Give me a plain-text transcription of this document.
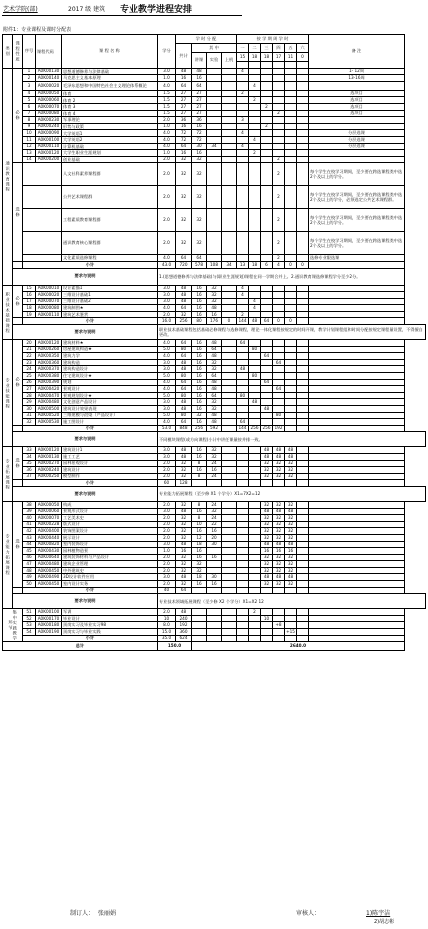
艺术学院(部)	2017 级 建筑 专业教学进程安排
附件1：专业课程及课时分配表
类别	课程性质	序号	课程代码	课 程 名 称	学分	学 时 分 配				按 学 期 周 学 时						备 注
						共计	其 中			一	二	三	四	五	六	
							讲课	实验	上机	15	18	18	17	11	0	

通识教育课程	必修	1	A0K00130	思想道德修养与法律基础	3.0	48	48			4						1- 12周
		2	A0K00140	马克思主义基本原理	1.0	16	16									13-16周
		3	A0K00020	毛泽东思想和中国特色社会主义理论体系概论	4.0	64	64				4					
		4	A0K00050	体育	1.5	27	27			2						选项目
		5	A0K00060	体育 2	1.5	27	27				2					选项目
		6	A0K00070	体育 3	1.5	27	27					2				选项目
		7	A0K00080	体育 4	1.5	27	27						2			选项目
		8	A0K00230	军事理论	2.0	36	36			3						
		9	A0K00240	形势与政策	1.0	16	16					2				
		10	A0K00090	大学英语1	4.0	72	72			4						分层选课
		11	A0K00100	大学英语2	4.0	72	72				4					分层选课
		12	A0K00110	计算机基础	4.0	64	30	34		4						分层选课
		13	A0K00120	大学生职业生涯规划	1.0	16	16				2					
		14	A0K00200	创业基础	2.0	32	32						2			
	选修			人文社科素养课程群	2.0	32	32						2			每个学生在校学习期间，至少要在跨选课程类中选2个及以上的学分。
				公共艺术课程群	2.0	32	32						2			每个学生在校学习期间，至少要在跨选课程类中选2个及以上的学分，必须选定公共艺术课程群。
				工程素质教育课程群	2.0	32	32						2			每个学生在校学习期间，至少要在跨选课程类中选2个及以上的学分。
				通识教育核心课程群	2.0	32	32						2			每个学生在校学习期间，至少要在跨选课程类中选2个及以上的学分。
				文化素质选修课程	4.0	64	64						2			选修专业限选课
		小计			43.0	720	578	108	34	13	18	6	4	0	0	
	要求与说明				1.(思想道德修养与法律基础)与(职业生涯规划)课程在同一学期合并上。2.通识教育课选修课程学分至少2分。											
职业技术基础课程	必修	15	A0K00010	设计素描1	3.0	48	16	32		4						
		16	A0K00020	三维设计基础1	3.0	48	16	32		4						
		17	A0K00070	三维设计基础2	3.0	48	16	32			4					
		18	A0K00080	建筑制图★	4.0	64	16	48			4					
		19	A0K00110	建筑艺术鉴赏	2.0	32	16	16		2						
		小计			16.0	256	80	176	0	144	48	64	0	0		
	要求与说明				职业技术基础课程包括基础必修课程与选修课程，理论一体化课程按规定的时间开课，教学计划课程组和时间分配按规定课程量设置，不得擅自更改。											
专业技能课程	必修	20	A0K00120	建筑材料★	4.0	64	16	48		64						
		21	A0K00260	房屋建筑构造★	5.0	80	16	64			80					
		22	A0K00350	建筑力学	4.0	64	16	48				64				
		23	A0K00360	建筑构造	3.0	48	16	32					64			
		24	A0K00370	建筑构造设计	3.0	48	16	32		48						
		25	A0K00380	住宅建筑设计★	5.0	80	16	64			80					
		26	A0K00390	规划	4.0	64	16	48				64				
		27	A0K00420	景观设计	4.0	64	16	48					64			
		28	A0K00470	景观规划设计★	5.0	80	16	64		80						
		29	A0K00480	文化创意产品设计	3.0	48	16	32			48					
		30	A0K00500	建筑设计效果表现	3.0	48	16	32				48				
		31	A0K00520	三维建模与渲染（产品设计）	5.0	80	32	48					80			
		32	A0K00530	施工图设计	4.0	64	16	48		64						
		小计			53.0	848	256	592		144	256	256	192			
	要求与说明				不同模块课程(或方向课程)小计中讲任课量按并排一致。											
专业拓展课程	选修	33	A0K00120	建筑设计1	3.0	48	16	32				48	48	48		
		34	A0K00130	施工工艺	3.0	48	16	32				48	48	48		
		35	A0K00270	园林景观设计	2.0	32	8	24				32	32	32		
		36	A0K00240	建筑设计	2.0	32	16	16				32	32	32		
		37	A0K00250	模型制作	2.0	32	8	24				32	32	32		
		小计			60	128										
	要求与说明				专业能力拓展课程（至少修 X1 个学分）X1=7X2=12											
专业能力拓展课程	选修	38	A0K00050	构成	2.0	32	8	24				32	32	32		
		39	A0K00060	景观形式设计	3.0	48	16	32				48	48	48		
		40	A0K00070	工艺美术史	2.0	32	8	24				32	32	32		
		41	A0K00228	版式设计	2.0	32	10	22				32	32	32		
		42	A0K00400	装饰图案设计	2.0	32	16	16				32	32	32		
		43	A0K00440	展示设计	2.0	32	12	20				32	32	32		
		44	A0K00820	室内装饰设计	3.0	48	18	30				48	48	48		
		45	A0K00430	园林植物造景	1.0	16	16					16	16	16		
		46	A0K00640	建筑装饰材料与产品设计	2.0	32	16	16				32	32	32		
		47	A0K00480	建筑企业管理	2.0	32	32					32	32	32		
		48	A0K00450	中外建筑史	2.0	32	32					32	32	32		
		49	A0K00490	3D设计软件应用	3.0	48	18	30				48	48	48		
		50	A0K00450	室内设计实务	2.0	32	16	16				32	32	32		
		小计			40	64										
	要求与说明				专业技术领域拓展课程（至少修 X2 个学分）X1=X2 12											
集中实践教学环节		51	A0K00100	军训	2.0	48					2					
		52	A0K00170	毕业设计	10	240						10				
		53	A0K00180	顶岗实习及毕业实习98	8.0	192							+8			
		54	A0K00190	顶岗实习与毕业实践	15.0	360								+15		
		小计			35.0	624										
总计					150.0		2640.0									
制订人： 张丽娟	审核人：	1)陈宇洁
2)胡志彬
